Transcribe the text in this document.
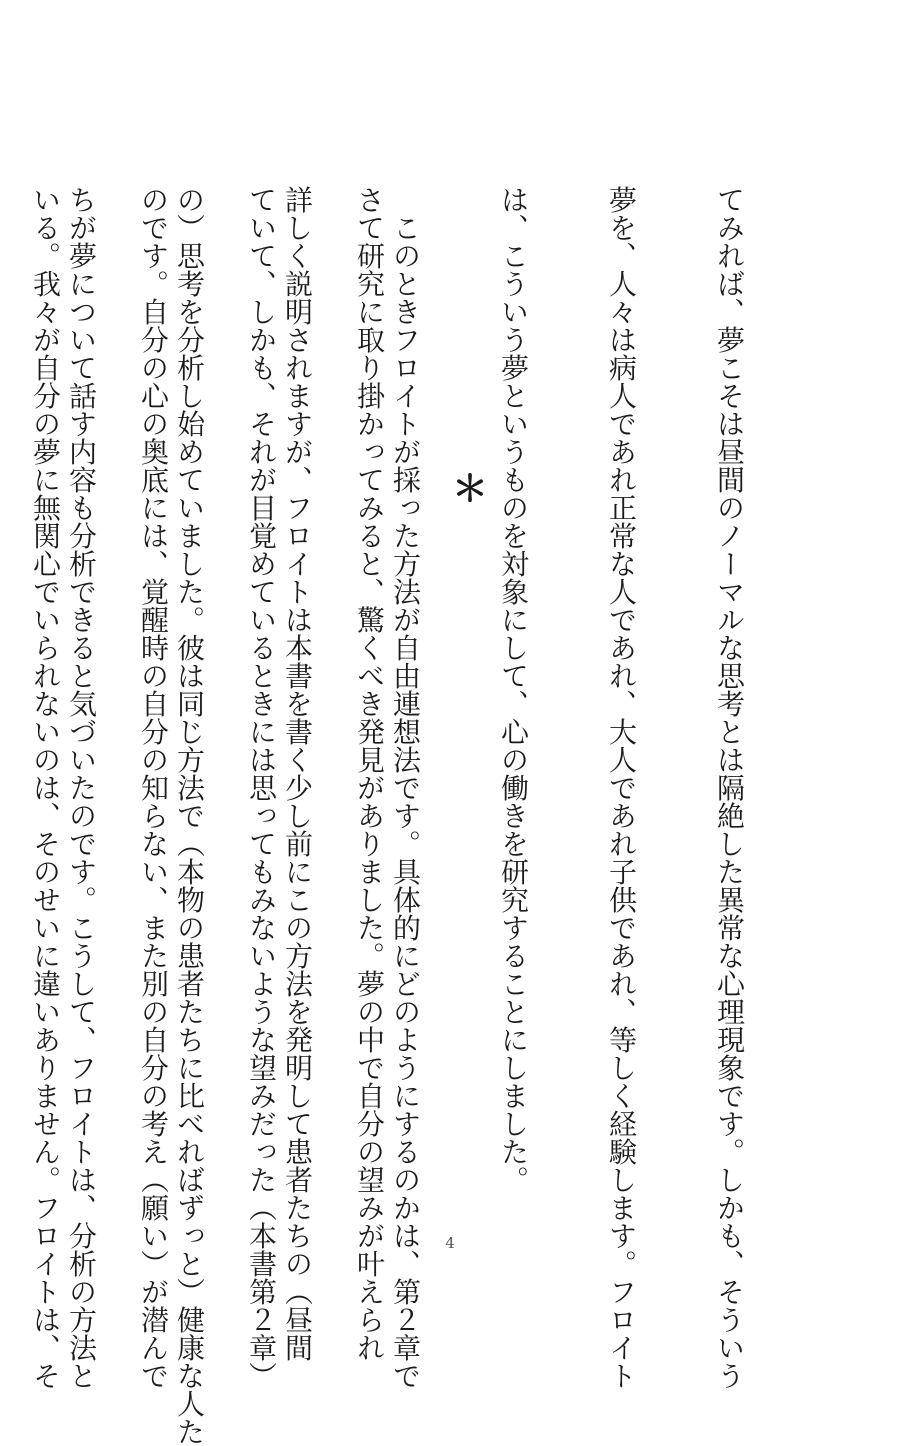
てみれば、夢こそは昼間のノーマルな思考とは隔絶した異常な心理現象です。しかも、そういう

夢を、人々は病人であれ正常な人であれ、大人であれ子供であれ、等しく経験します。フロイト

は、こういう夢というものを対象にして、心の働きを研究することにしました。

　このときフロイトが採った方法が自由連想法です。具体的にどのようにするのかは、第２章で

詳しく説明されますが、フロイトは本書を書く少し前にこの方法を発明して患者たちの（昼間

の）思考を分析し始めていました。彼は同じ方法で（本物の患者たちに比べればずっと）健康な人た

ちが夢について話す内容も分析できると気づいたのです。こうして、フロイトは、分析の方法と

	＊

さて研究に取り掛かってみると、驚くべき発見がありました。夢の中で自分の望みが叶えられ

ていて、しかも、それが目覚めているときには思ってもみないような望みだった（本書第２章）

のです。自分の心の奥底には、覚醒時の自分の知らない、また別の自分の考え（願い）が潜んで

いる。我々が自分の夢に無関心でいられないのは、そのせいに違いありません。フロイトは、そ

	4
